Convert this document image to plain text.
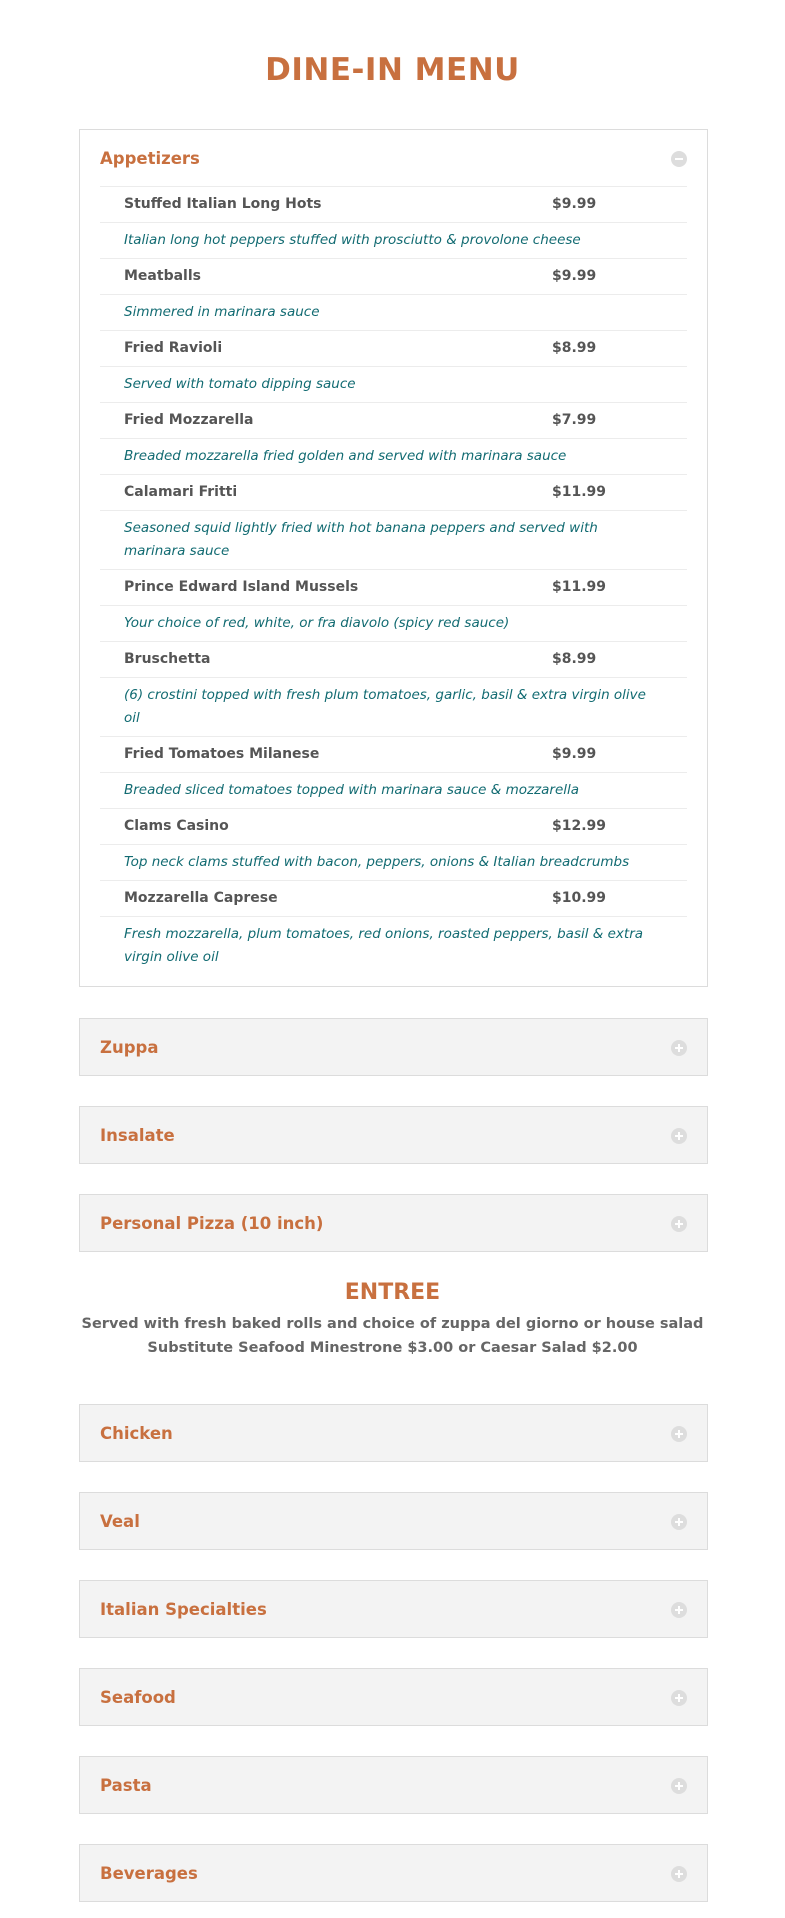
DINE-IN MENU
Appetizers
Stuffed Italian Long Hots	$9.99
Italian long hot peppers stuffed with prosciutto & provolone cheese
Meatballs	$9.99
Simmered in marinara sauce
Fried Ravioli	$8.99
Served with tomato dipping sauce
Fried Mozzarella	$7.99
Breaded mozzarella fried golden and served with marinara sauce
Calamari Fritti	$11.99
Seasoned squid lightly fried with hot banana peppers and served with marinara sauce
Prince Edward Island Mussels	$11.99
Your choice of red, white, or fra diavolo (spicy red sauce)
Bruschetta	$8.99
(6) crostini topped with fresh plum tomatoes, garlic, basil & extra virgin olive oil
Fried Tomatoes Milanese	$9.99
Breaded sliced tomatoes topped with marinara sauce & mozzarella
Clams Casino	$12.99
Top neck clams stuffed with bacon, peppers, onions & Italian breadcrumbs
Mozzarella Caprese	$10.99
Fresh mozzarella, plum tomatoes, red onions, roasted peppers, basil & extra virgin olive oil
Zuppa
Insalate
Personal Pizza (10 inch)
ENTREE

Served with fresh baked rolls and choice of zuppa del giorno or house salad

Substitute Seafood Minestrone $3.00 or Caesar Salad $2.00

Chicken
Veal
Italian Specialties
Seafood
Pasta
Beverages
